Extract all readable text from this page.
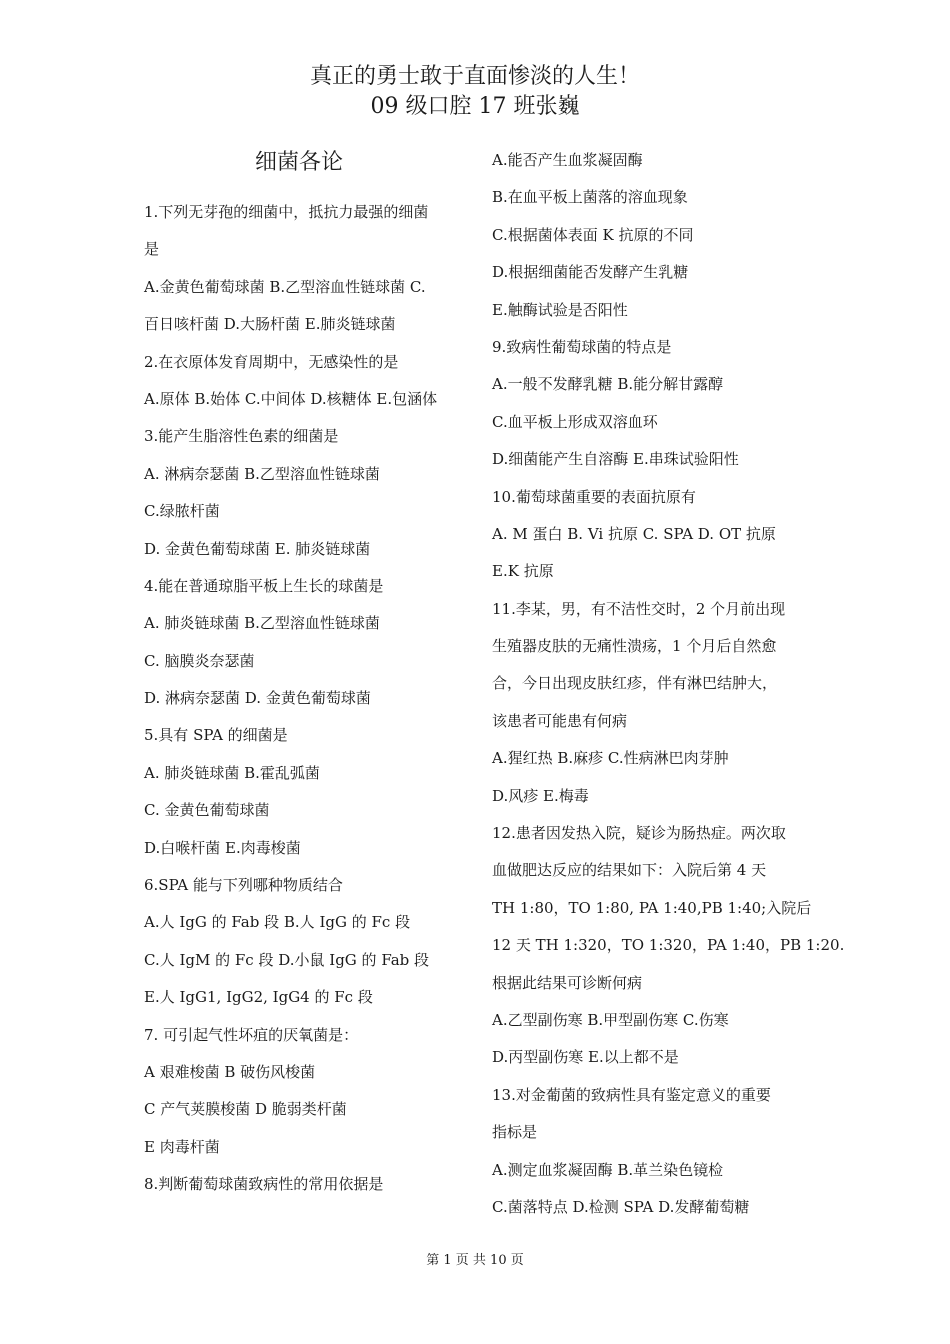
真正的勇士敢于直面惨淡的人生！
09 级口腔 17 班张巍
细菌各论
1.下列无芽孢的细菌中，抵抗力最强的细菌
是
A.金黄色葡萄球菌 B.乙型溶血性链球菌 C.
百日咳杆菌 D.大肠杆菌 E.肺炎链球菌
2.在衣原体发育周期中，无感染性的是
A.原体 B.始体 C.中间体 D.核糖体 E.包涵体
3.能产生脂溶性色素的细菌是
A. 淋病奈瑟菌 B.乙型溶血性链球菌
C.绿脓杆菌
D. 金黄色葡萄球菌 E. 肺炎链球菌
4.能在普通琼脂平板上生长的球菌是
A. 肺炎链球菌 B.乙型溶血性链球菌
C. 脑膜炎奈瑟菌
D. 淋病奈瑟菌 D. 金黄色葡萄球菌
5.具有 SPA 的细菌是
A. 肺炎链球菌 B.霍乱弧菌
C. 金黄色葡萄球菌
D.白喉杆菌 E.肉毒梭菌
6.SPA 能与下列哪种物质结合
A.人 IgG 的 Fab 段 B.人 IgG 的 Fc 段
C.人 IgM 的 Fc 段 D.小鼠 IgG 的 Fab 段
E.人 IgG1, IgG2, IgG4 的 Fc 段
7. 可引起气性坏疽的厌氧菌是：
A 艰难梭菌 B 破伤风梭菌
C 产气荚膜梭菌 D 脆弱类杆菌
E 肉毒杆菌
8.判断葡萄球菌致病性的常用依据是
A.能否产生血浆凝固酶
B.在血平板上菌落的溶血现象
C.根据菌体表面 K 抗原的不同
D.根据细菌能否发酵产生乳糖
E.触酶试验是否阳性
9.致病性葡萄球菌的特点是
A.一般不发酵乳糖 B.能分解甘露醇
C.血平板上形成双溶血环
D.细菌能产生自溶酶 E.串珠试验阳性
10.葡萄球菌重要的表面抗原有
A. M 蛋白 B. Vi 抗原 C. SPA D. OT 抗原
E.K 抗原
11.李某，男，有不洁性交时，2 个月前出现
生殖器皮肤的无痛性溃疡，1 个月后自然愈
合，今日出现皮肤红疹，伴有淋巴结肿大，
该患者可能患有何病
A.猩红热 B.麻疹 C.性病淋巴肉芽肿
D.风疹 E.梅毒
12.患者因发热入院，疑诊为肠热症。两次取
血做肥达反应的结果如下：入院后第 4 天
TH 1:80，TO 1:80, PA 1:40,PB 1:40;入院后
12 天 TH 1:320，TO 1:320，PA 1:40，PB 1:20.
根据此结果可诊断何病
A.乙型副伤寒 B.甲型副伤寒 C.伤寒
D.丙型副伤寒 E.以上都不是
13.对金葡菌的致病性具有鉴定意义的重要
指标是
A.测定血浆凝固酶 B.革兰染色镜检
C.菌落特点 D.检测 SPA D.发酵葡萄糖
第 1 页 共 10 页
